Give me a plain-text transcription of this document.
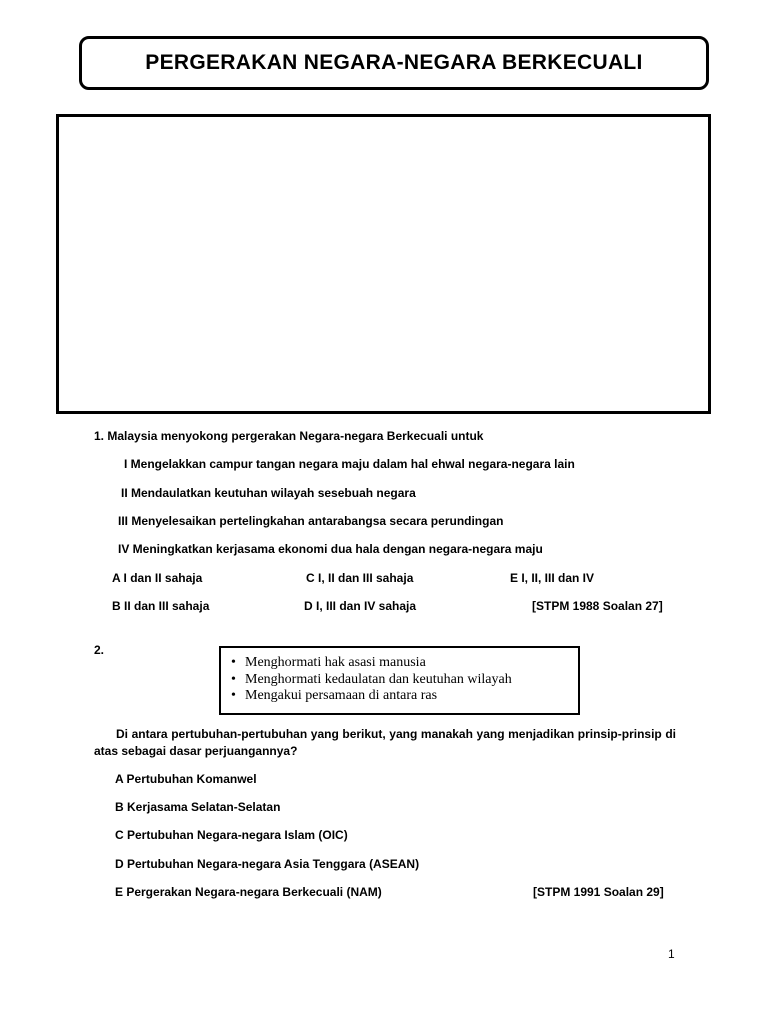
PERGERAKAN NEGARA-NEGARA BERKECUALI
1. Malaysia menyokong pergerakan Negara-negara Berkecuali untuk
I Mengelakkan campur tangan negara maju dalam hal ehwal negara-negara lain
II Mendaulatkan keutuhan wilayah sesebuah negara
III Menyelesaikan pertelingkahan antarabangsa secara perundingan
IV Meningkatkan kerjasama ekonomi dua hala dengan negara-negara maju
A I dan II sahaja	C I, II dan III sahaja	E I, II, III dan IV
B II dan III sahaja	D I, III dan IV sahaja	[STPM 1988 Soalan 27]
2.
• Menghormati hak asasi manusia
• Menghormati kedaulatan dan keutuhan wilayah
• Mengakui persamaan di antara ras
Di antara pertubuhan-pertubuhan yang berikut, yang manakah yang menjadikan prinsip-prinsip di atas sebagai dasar perjuangannya?
A Pertubuhan Komanwel
B Kerjasama Selatan-Selatan
C Pertubuhan Negara-negara Islam (OIC)
D Pertubuhan Negara-negara Asia Tenggara (ASEAN)
E Pergerakan Negara-negara Berkecuali (NAM)	[STPM 1991 Soalan 29]
1
